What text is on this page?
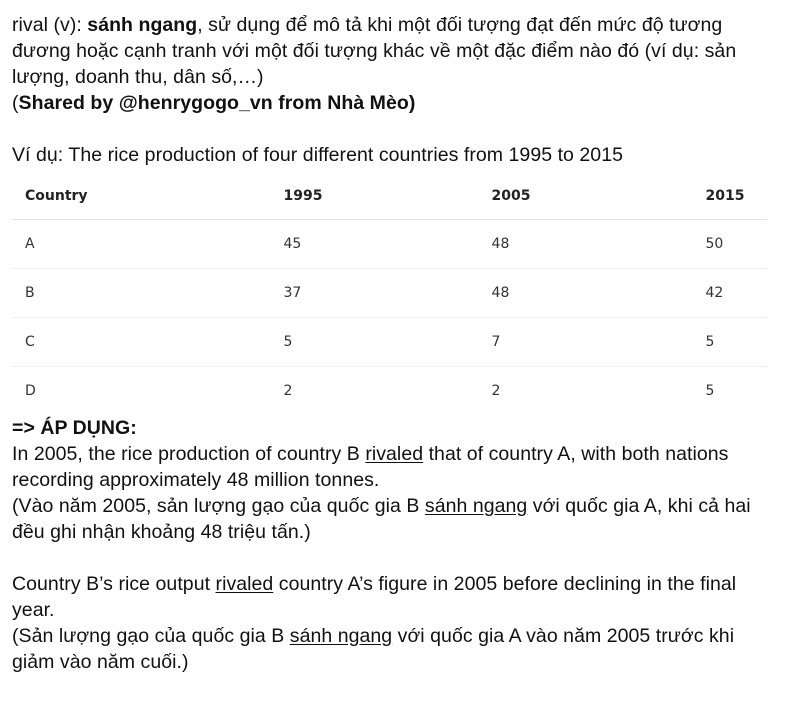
rival (v): sánh ngang, sử dụng để mô tả khi một đối tượng đạt đến mức độ tương đương hoặc cạnh tranh với một đối tượng khác về một đặc điểm nào đó (ví dụ: sản lượng, doanh thu, dân số,…)

(Shared by @henrygogo_vn from Nhà Mèo)

Ví dụ: The rice production of four different countries from 1995 to 2015

Country	1995	2005	2015
A	45	48	50
B	37	48	42
C	5	7	5
D	2	2	5

=> ÁP DỤNG:

In 2005, the rice production of country B rivaled that of country A, with both nations recording approximately 48 million tonnes.

(Vào năm 2005, sản lượng gạo của quốc gia B sánh ngang với quốc gia A, khi cả hai đều ghi nhận khoảng 48 triệu tấn.)

Country B’s rice output rivaled country A’s figure in 2005 before declining in the final year.

(Sản lượng gạo của quốc gia B sánh ngang với quốc gia A vào năm 2005 trước khi giảm vào năm cuối.)
